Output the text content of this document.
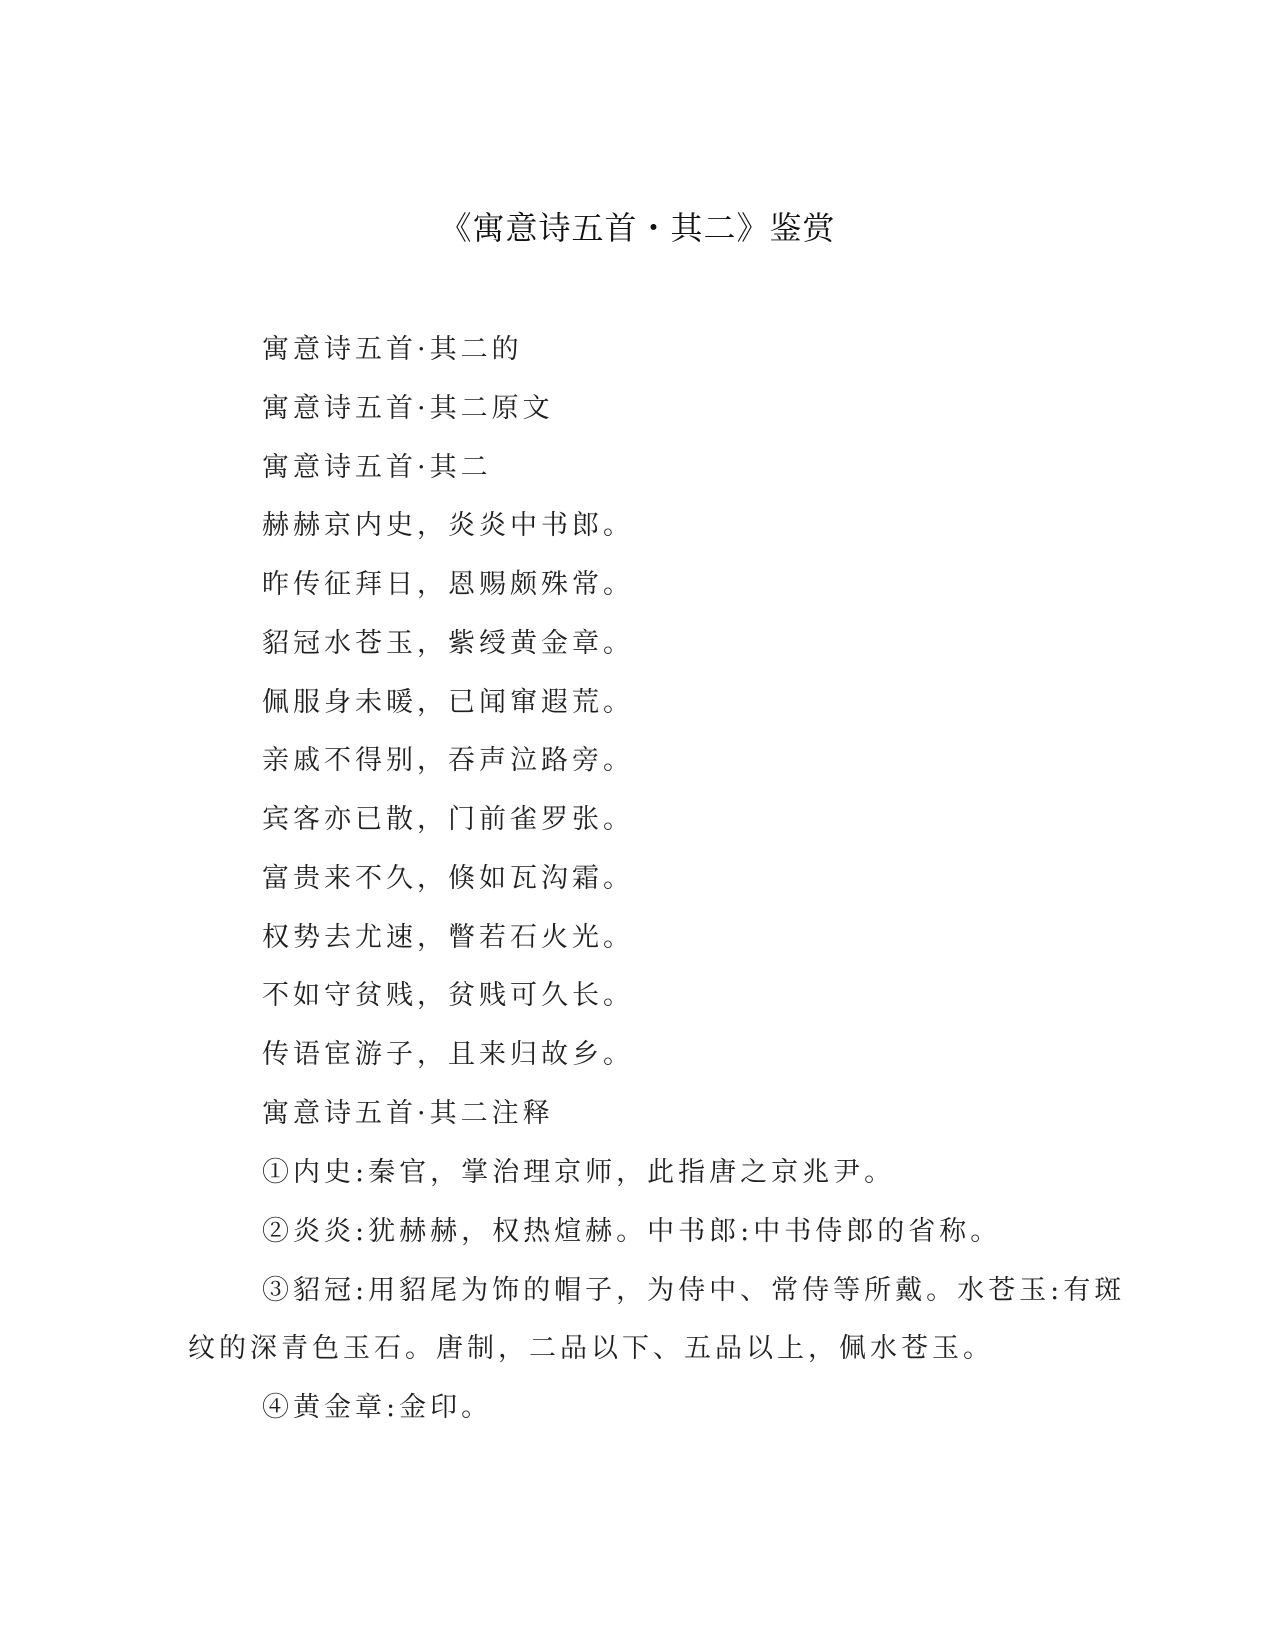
《寓意诗五首・其二》鉴赏
寓意诗五首·其二的
寓意诗五首·其二原文
寓意诗五首·其二
赫赫京内史，炎炎中书郎。
昨传征拜日，恩赐颇殊常。
貂冠水苍玉，紫绶黄金章。
佩服身未暖，已闻窜遐荒。
亲戚不得别，吞声泣路旁。
宾客亦已散，门前雀罗张。
富贵来不久，倏如瓦沟霜。
权势去尤速，瞥若石火光。
不如守贫贱，贫贱可久长。
传语宦游子，且来归故乡。
寓意诗五首·其二注释
①内史:秦官，掌治理京师，此指唐之京兆尹。
②炎炎:犹赫赫，权热煊赫。中书郎:中书侍郎的省称。
③貂冠:用貂尾为饰的帽子，为侍中、常侍等所戴。水苍玉:有斑
纹的深青色玉石。唐制，二品以下、五品以上，佩水苍玉。
④黄金章:金印。
